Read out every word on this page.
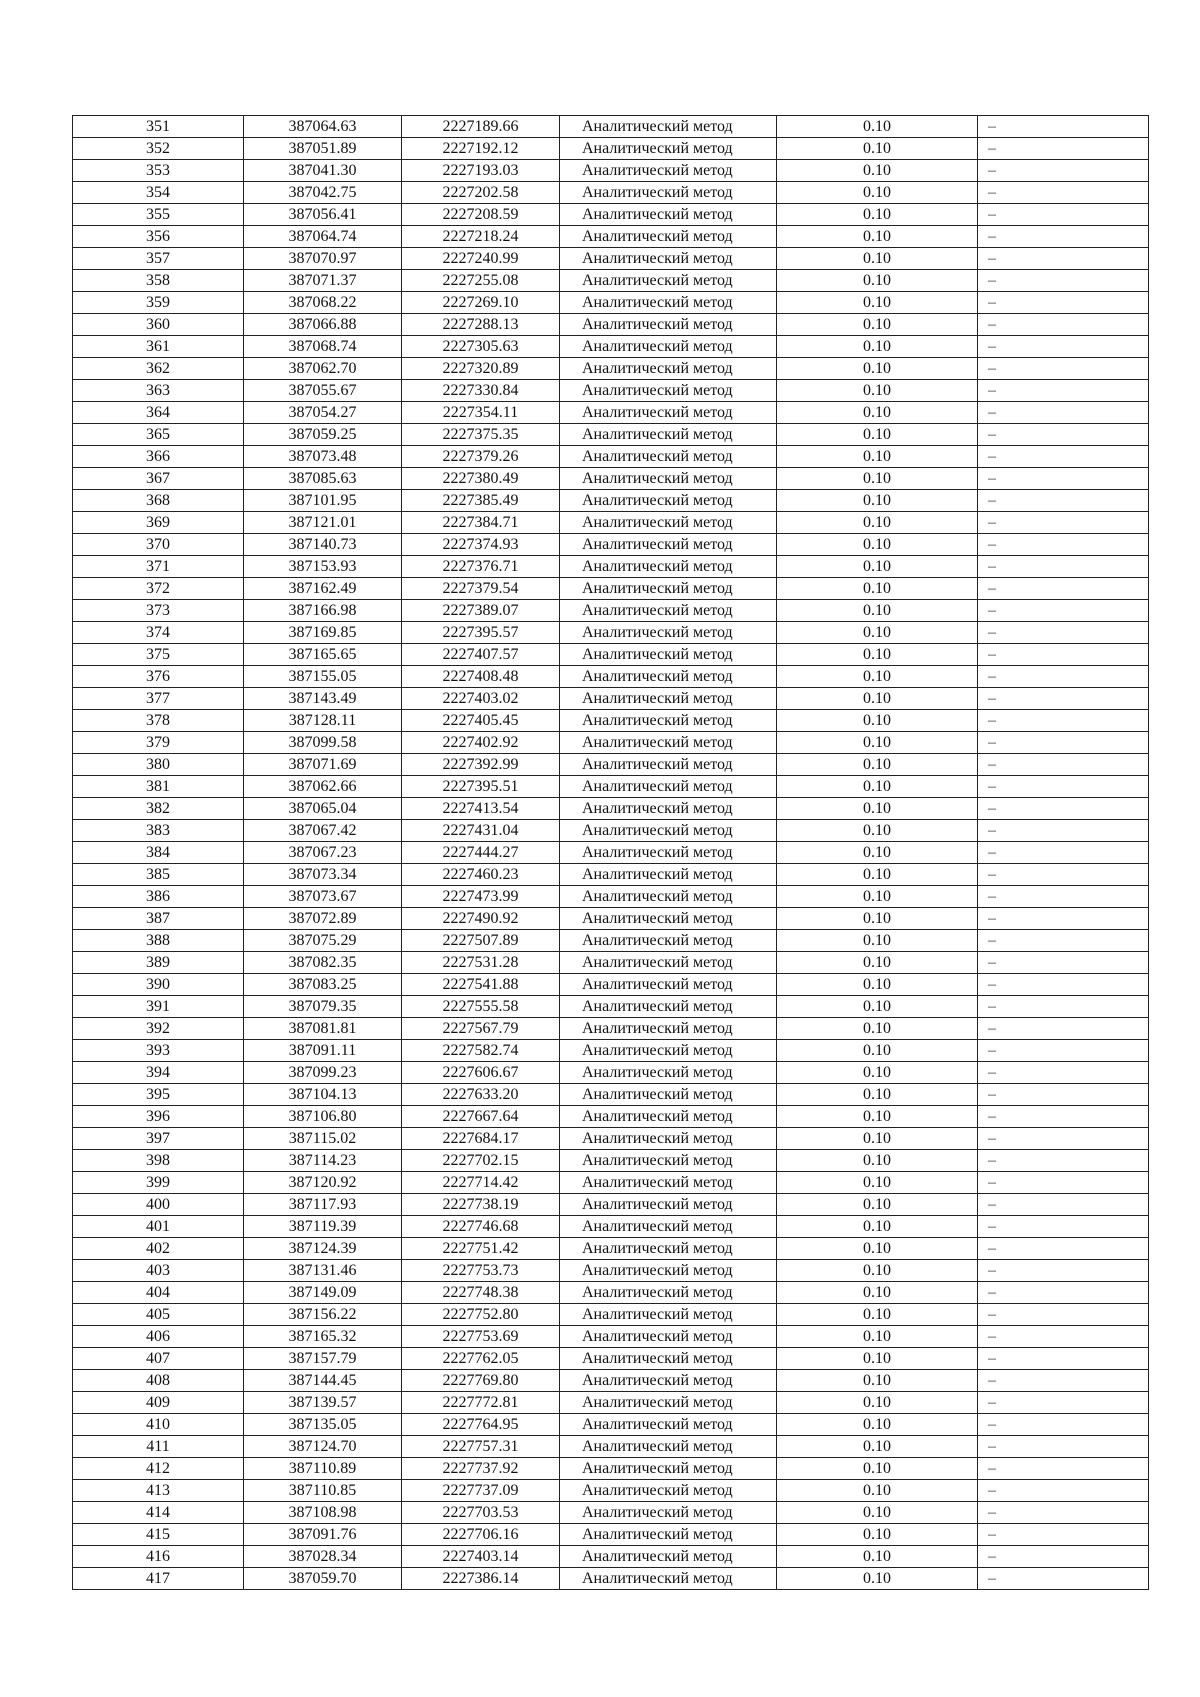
351	387064.63	2227189.66	Аналитический метод	0.10	–
352	387051.89	2227192.12	Аналитический метод	0.10	–
353	387041.30	2227193.03	Аналитический метод	0.10	–
354	387042.75	2227202.58	Аналитический метод	0.10	–
355	387056.41	2227208.59	Аналитический метод	0.10	–
356	387064.74	2227218.24	Аналитический метод	0.10	–
357	387070.97	2227240.99	Аналитический метод	0.10	–
358	387071.37	2227255.08	Аналитический метод	0.10	–
359	387068.22	2227269.10	Аналитический метод	0.10	–
360	387066.88	2227288.13	Аналитический метод	0.10	–
361	387068.74	2227305.63	Аналитический метод	0.10	–
362	387062.70	2227320.89	Аналитический метод	0.10	–
363	387055.67	2227330.84	Аналитический метод	0.10	–
364	387054.27	2227354.11	Аналитический метод	0.10	–
365	387059.25	2227375.35	Аналитический метод	0.10	–
366	387073.48	2227379.26	Аналитический метод	0.10	–
367	387085.63	2227380.49	Аналитический метод	0.10	–
368	387101.95	2227385.49	Аналитический метод	0.10	–
369	387121.01	2227384.71	Аналитический метод	0.10	–
370	387140.73	2227374.93	Аналитический метод	0.10	–
371	387153.93	2227376.71	Аналитический метод	0.10	–
372	387162.49	2227379.54	Аналитический метод	0.10	–
373	387166.98	2227389.07	Аналитический метод	0.10	–
374	387169.85	2227395.57	Аналитический метод	0.10	–
375	387165.65	2227407.57	Аналитический метод	0.10	–
376	387155.05	2227408.48	Аналитический метод	0.10	–
377	387143.49	2227403.02	Аналитический метод	0.10	–
378	387128.11	2227405.45	Аналитический метод	0.10	–
379	387099.58	2227402.92	Аналитический метод	0.10	–
380	387071.69	2227392.99	Аналитический метод	0.10	–
381	387062.66	2227395.51	Аналитический метод	0.10	–
382	387065.04	2227413.54	Аналитический метод	0.10	–
383	387067.42	2227431.04	Аналитический метод	0.10	–
384	387067.23	2227444.27	Аналитический метод	0.10	–
385	387073.34	2227460.23	Аналитический метод	0.10	–
386	387073.67	2227473.99	Аналитический метод	0.10	–
387	387072.89	2227490.92	Аналитический метод	0.10	–
388	387075.29	2227507.89	Аналитический метод	0.10	–
389	387082.35	2227531.28	Аналитический метод	0.10	–
390	387083.25	2227541.88	Аналитический метод	0.10	–
391	387079.35	2227555.58	Аналитический метод	0.10	–
392	387081.81	2227567.79	Аналитический метод	0.10	–
393	387091.11	2227582.74	Аналитический метод	0.10	–
394	387099.23	2227606.67	Аналитический метод	0.10	–
395	387104.13	2227633.20	Аналитический метод	0.10	–
396	387106.80	2227667.64	Аналитический метод	0.10	–
397	387115.02	2227684.17	Аналитический метод	0.10	–
398	387114.23	2227702.15	Аналитический метод	0.10	–
399	387120.92	2227714.42	Аналитический метод	0.10	–
400	387117.93	2227738.19	Аналитический метод	0.10	–
401	387119.39	2227746.68	Аналитический метод	0.10	–
402	387124.39	2227751.42	Аналитический метод	0.10	–
403	387131.46	2227753.73	Аналитический метод	0.10	–
404	387149.09	2227748.38	Аналитический метод	0.10	–
405	387156.22	2227752.80	Аналитический метод	0.10	–
406	387165.32	2227753.69	Аналитический метод	0.10	–
407	387157.79	2227762.05	Аналитический метод	0.10	–
408	387144.45	2227769.80	Аналитический метод	0.10	–
409	387139.57	2227772.81	Аналитический метод	0.10	–
410	387135.05	2227764.95	Аналитический метод	0.10	–
411	387124.70	2227757.31	Аналитический метод	0.10	–
412	387110.89	2227737.92	Аналитический метод	0.10	–
413	387110.85	2227737.09	Аналитический метод	0.10	–
414	387108.98	2227703.53	Аналитический метод	0.10	–
415	387091.76	2227706.16	Аналитический метод	0.10	–
416	387028.34	2227403.14	Аналитический метод	0.10	–
417	387059.70	2227386.14	Аналитический метод	0.10	–
